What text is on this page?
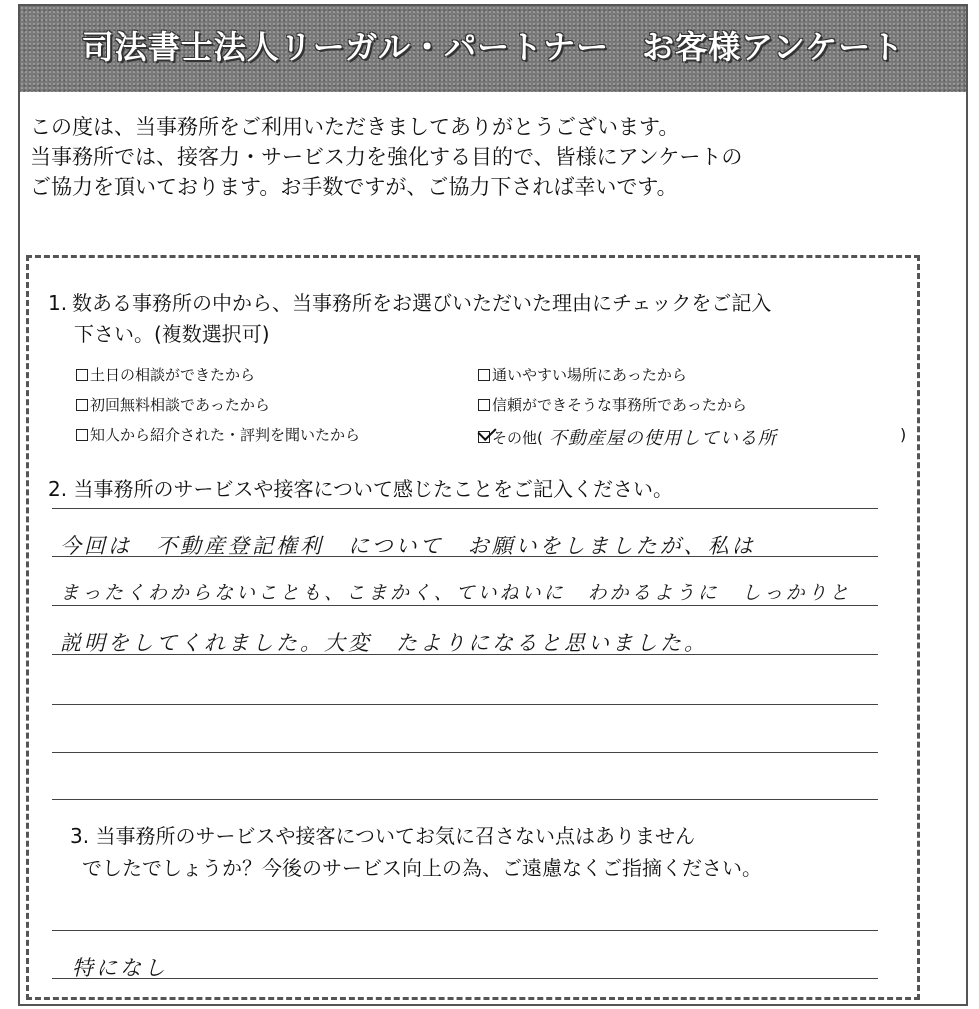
司法書士法人リーガル・パートナー　お客様アンケート
この度は、当事務所をご利用いただきましてありがとうございます。
当事務所では、接客力・サービス力を強化する目的で、皆様にアンケートの
ご協力を頂いております。お手数ですが、ご協力下されば幸いです。
1. 数ある事務所の中から、当事務所をお選びいただいた理由にチェックをご記入
下さい。(複数選択可)
土日の相談ができたから	通いやすい場所にあったから
初回無料相談であったから	信頼ができそうな事務所であったから
知人から紹介された・評判を聞いたから	その他( 不動産屋の使用している所	)
2. 当事務所のサービスや接客について感じたことをご記入ください。
今回は　不動産登記権利　について　お願いをしましたが、私は
まったくわからないことも、こまかく、ていねいに　わかるように　しっかりと
説明をしてくれました。大変　たよりになると思いました。
3. 当事務所のサービスや接客についてお気に召さない点はありません
でしたでしょうか？今後のサービス向上の為、ご遠慮なくご指摘ください。
特になし
